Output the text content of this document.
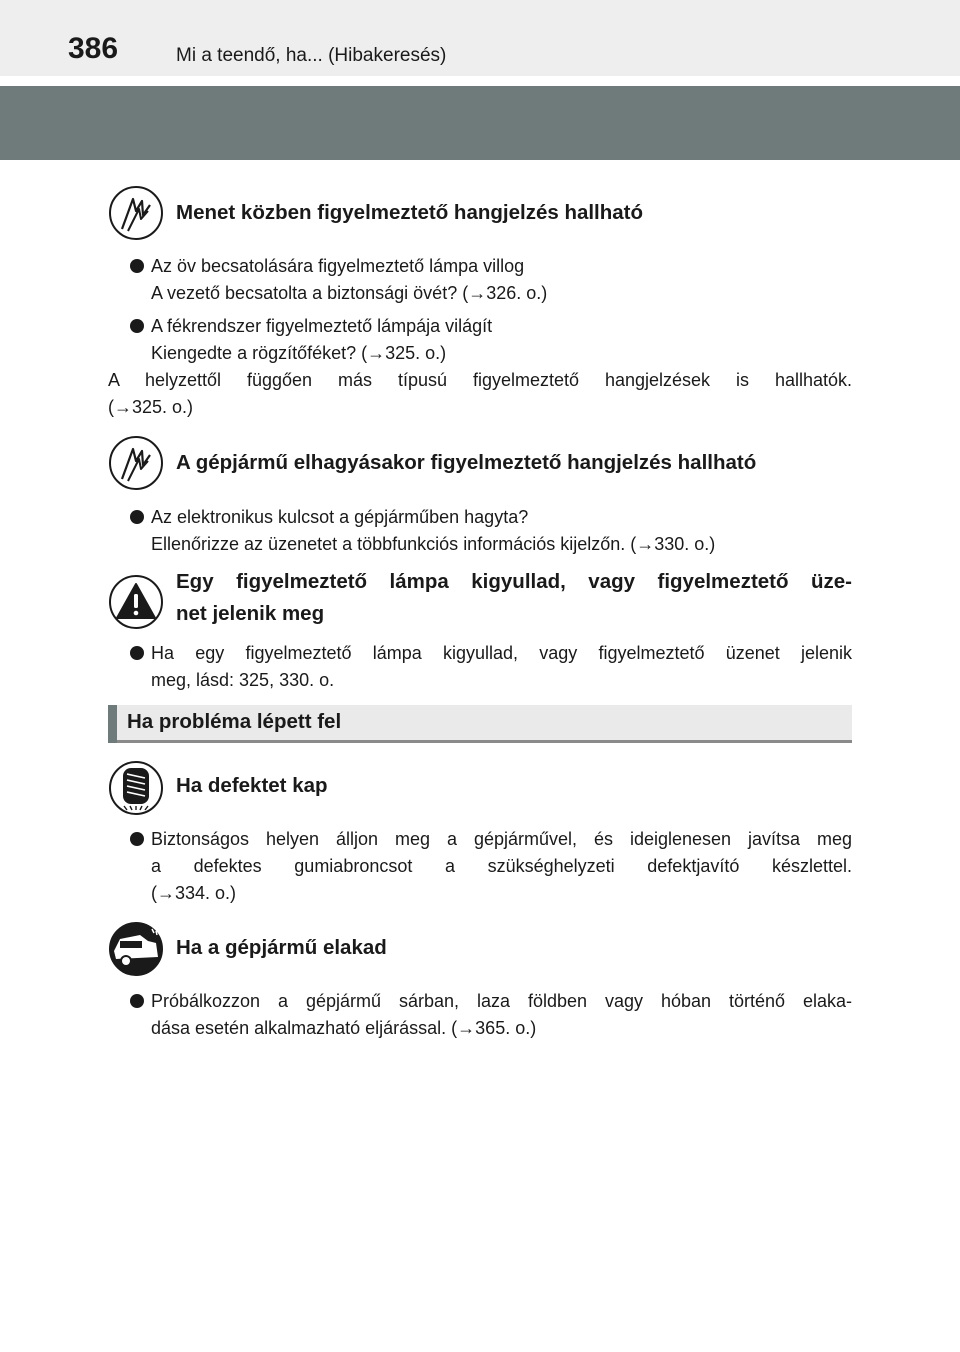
386	Mi a teendő, ha... (Hibakeresés)
Menet közben figyelmeztető hangjelzés hallható
Az öv becsatolására figyelmeztető lámpa villog
A vezető becsatolta a biztonsági övét? (→326. o.)
A fékrendszer figyelmeztető lámpája világít
Kiengedte a rögzítőféket? (→325. o.)
A helyzettől függően más típusú figyelmeztető hangjelzések is hallhatók.
(→325. o.)
A gépjármű elhagyásakor figyelmeztető hangjelzés hallható
Az elektronikus kulcsot a gépjárműben hagyta?
Ellenőrizze az üzenetet a többfunkciós információs kijelzőn. (→330. o.)
Egy figyelmeztető lámpa kigyullad, vagy figyelmeztető üze-
net jelenik meg
Ha egy figyelmeztető lámpa kigyullad, vagy figyelmeztető üzenet jelenik
meg, lásd: 325, 330. o.
Ha probléma lépett fel
Ha defektet kap
Biztonságos helyen álljon meg a gépjárművel, és ideiglenesen javítsa meg
a defektes gumiabroncsot a szükséghelyzeti defektjavító készlettel.
(→334. o.)
Ha a gépjármű elakad
Próbálkozzon a gépjármű sárban, laza földben vagy hóban történő elaka-
dása esetén alkalmazható eljárással. (→365. o.)
